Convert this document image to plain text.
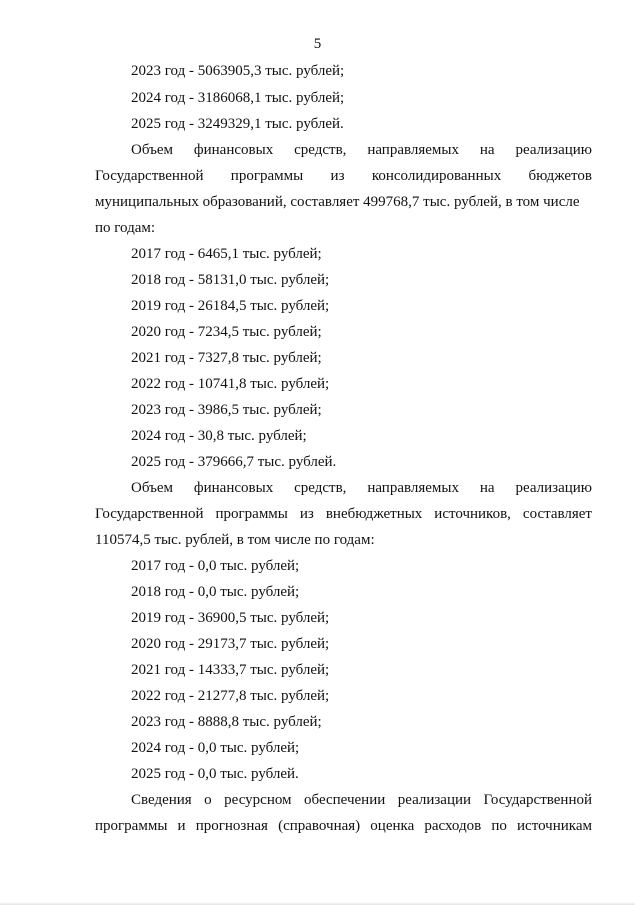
5
2023 год - 5063905,3 тыс. рублей;
2024 год - 3186068,1 тыс. рублей;
2025 год - 3249329,1 тыс. рублей.
Объем финансовых средств, направляемых на реализацию
Государственной программы из консолидированных бюджетов
муниципальных образований, составляет 499768,7 тыс. рублей, в том числе
по годам:
2017 год - 6465,1 тыс. рублей;
2018 год - 58131,0 тыс. рублей;
2019 год - 26184,5 тыс. рублей;
2020 год - 7234,5 тыс. рублей;
2021 год - 7327,8 тыс. рублей;
2022 год - 10741,8 тыс. рублей;
2023 год - 3986,5 тыс. рублей;
2024 год - 30,8 тыс. рублей;
2025 год - 379666,7 тыс. рублей.
Объем финансовых средств, направляемых на реализацию
Государственной программы из внебюджетных источников, составляет
110574,5 тыс. рублей, в том числе по годам:
2017 год - 0,0 тыс. рублей;
2018 год - 0,0 тыс. рублей;
2019 год - 36900,5 тыс. рублей;
2020 год - 29173,7 тыс. рублей;
2021 год - 14333,7 тыс. рублей;
2022 год - 21277,8 тыс. рублей;
2023 год - 8888,8 тыс. рублей;
2024 год - 0,0 тыс. рублей;
2025 год - 0,0 тыс. рублей.
Сведения о ресурсном обеспечении реализации Государственной
программы и прогнозная (справочная) оценка расходов по источникам
